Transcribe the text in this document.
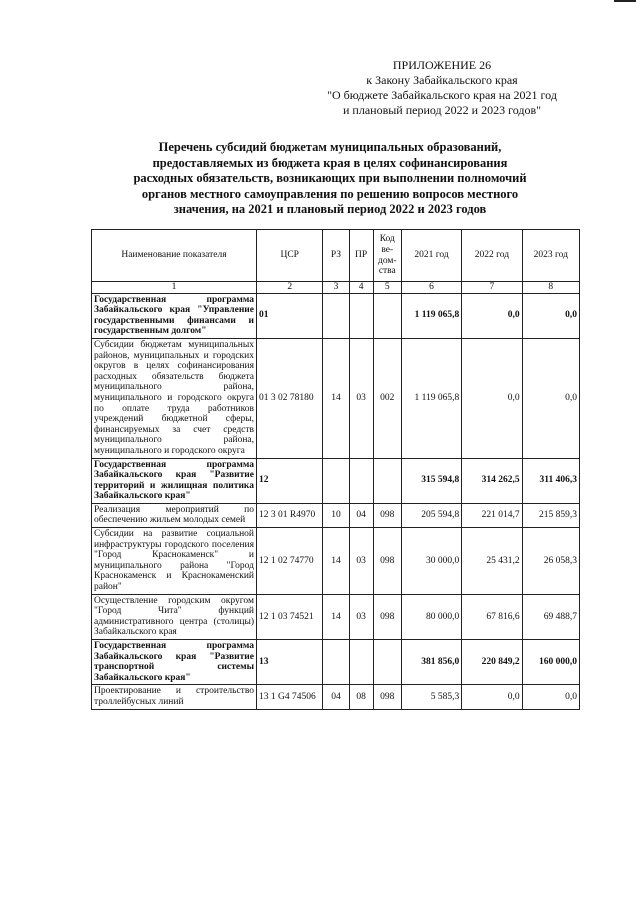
ПРИЛОЖЕНИЕ 26
к Закону Забайкальского края
"О бюджете Забайкальского края на 2021 год
и плановый период 2022 и 2023 годов"
Перечень субсидий бюджетам муниципальных образований,
предоставляемых из бюджета края в целях софинансирования
расходных обязательств, возникающих при выполнении полномочий
органов местного самоуправления по решению вопросов местного
значения, на 2021 и плановый период 2022 и 2023 годов
Наименование показателя	ЦСР	РЗ	ПР	Код ве-дом-ства	2021 год	2022 год	2023 год
1	2	3	4	5	6	7	8
Государственная программа Забайкальского края "Управление государственными финансами и государственным долгом"	01				1 119 065,8	0,0	0,0
Субсидии бюджетам муниципальных районов, муниципальных и городских округов в целях софинансирования расходных обязательств бюджета муниципального района, муниципального и городского округа по оплате труда работников учреждений бюджетной сферы, финансируемых за счет средств муниципального района, муниципального и городского округа	01 3 02 78180	14	03	002	1 119 065,8	0,0	0,0
Государственная программа Забайкальского края "Развитие территорий и жилищная политика Забайкальского края"	12				315 594,8	314 262,5	311 406,3
Реализация мероприятий по обеспечению жильем молодых семей	12 3 01 R4970	10	04	098	205 594,8	221 014,7	215 859,3
Субсидии на развитие социальной инфраструктуры городского поселения "Город Краснокаменск" и муниципального района "Город Краснокаменск и Краснокаменский район"	12 1 02 74770	14	03	098	30 000,0	25 431,2	26 058,3
Осуществление городским округом "Город Чита" функций административного центра (столицы) Забайкальского края	12 1 03 74521	14	03	098	80 000,0	67 816,6	69 488,7
Государственная программа Забайкальского края "Развитие транспортной системы Забайкальского края"	13				381 856,0	220 849,2	160 000,0
Проектирование и строительство троллейбусных линий	13 1 G4 74506	04	08	098	5 585,3	0,0	0,0
